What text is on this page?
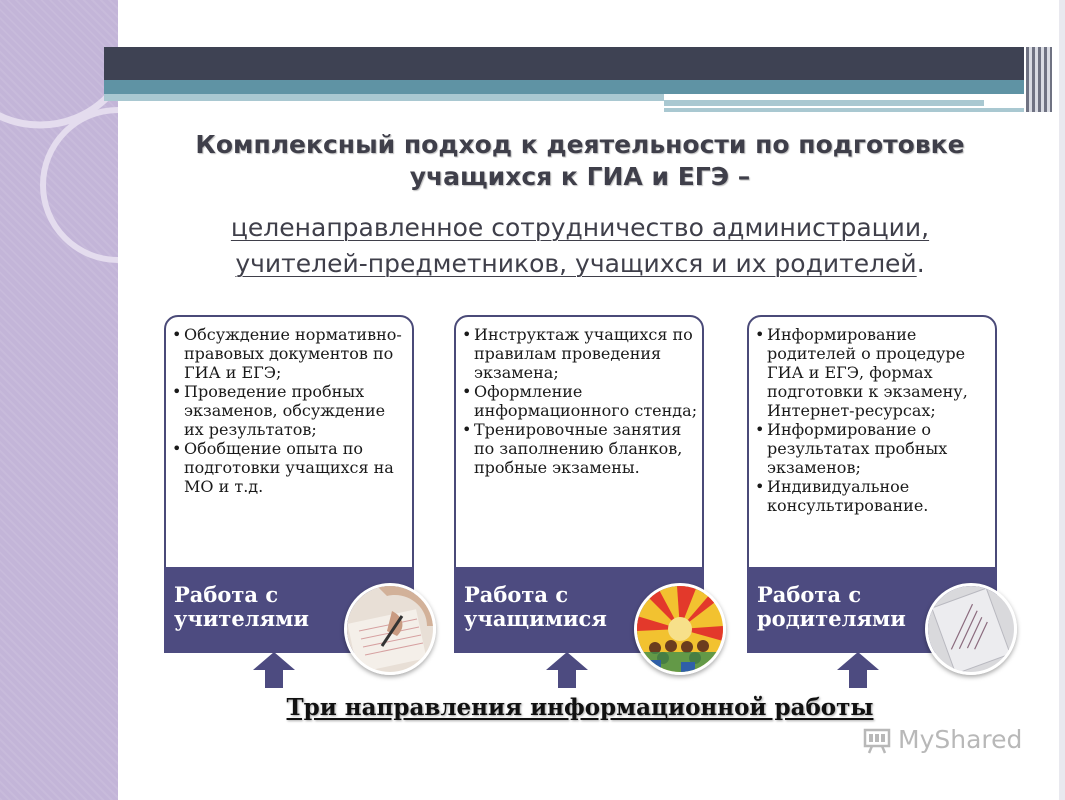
Комплексный подход к деятельности по подготовке
учащихся к ГИА и ЕГЭ –
целенаправленное сотрудничество администрации,
учителей-предметников, учащихся и их родителей.
• Обсуждение нормативно-правовых документов по ГИА и ЕГЭ;
• Проведение пробных экзаменов, обсуждение их результатов;
• Обобщение опыта по подготовки учащихся на МО и т.д.
Работа с
учителями
• Инструктаж учащихся по правилам проведения экзамена;
• Оформление информационного стенда;
• Тренировочные занятия по заполнению бланков, пробные экзамены.
Работа с
учащимися
• Информирование родителей о процедуре ГИА и ЕГЭ, формах подготовки к экзамену, Интернет-ресурсах;
• Информирование о результатах пробных экзаменов;
• Индивидуальное консультирование.
Работа с
родителями
Три направления информационной работы
MyShared
